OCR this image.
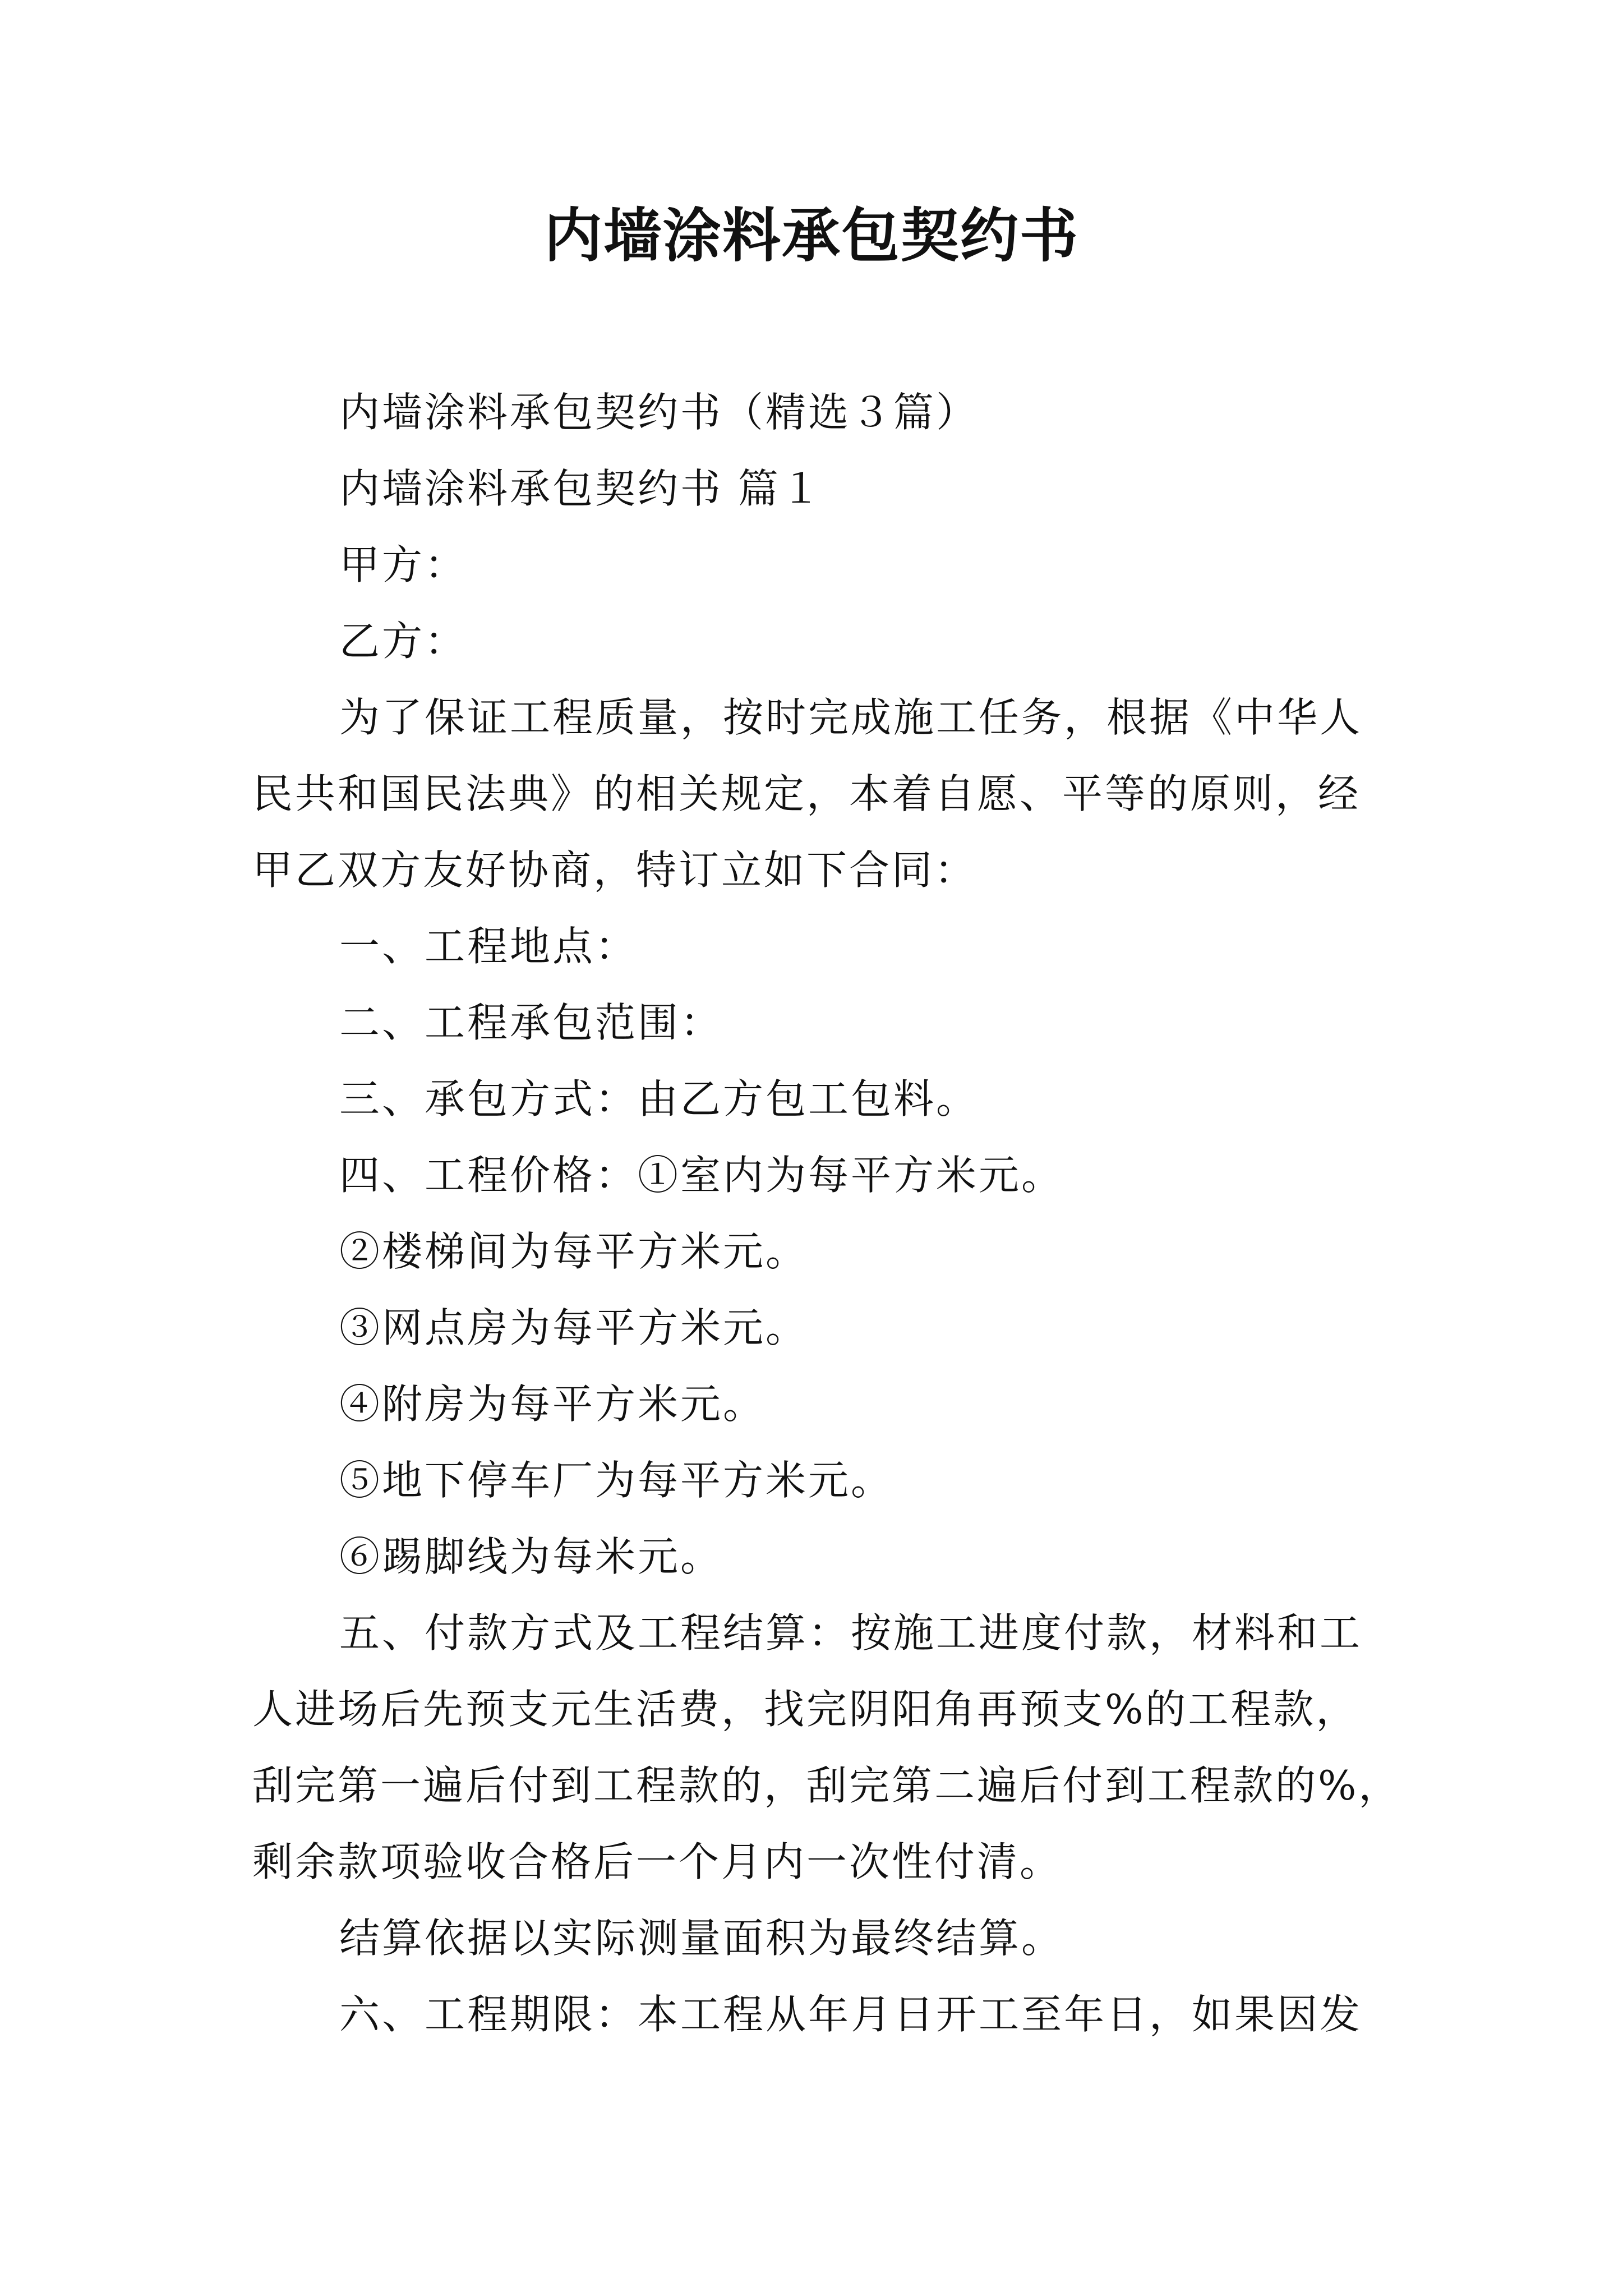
内墙涂料承包契约书
内墙涂料承包契约书（精选３篇）
内墙涂料承包契约书 篇１
甲方：
乙方：
为了保证工程质量，按时完成施工任务，根据《中华人
民共和国民法典》的相关规定，本着自愿、平等的原则，经
甲乙双方友好协商，特订立如下合同：
一、工程地点：
二、工程承包范围：
三、承包方式：由乙方包工包料。
四、工程价格：①室内为每平方米元。
②楼梯间为每平方米元。
③网点房为每平方米元。
④附房为每平方米元。
⑤地下停车厂为每平方米元。
⑥踢脚线为每米元。
五、付款方式及工程结算：按施工进度付款，材料和工
人进场后先预支元生活费，找完阴阳角再预支%的工程款，
刮完第一遍后付到工程款的，刮完第二遍后付到工程款的%，
剩余款项验收合格后一个月内一次性付清。
结算依据以实际测量面积为最终结算。
六、工程期限：本工程从年月日开工至年日，如果因发
